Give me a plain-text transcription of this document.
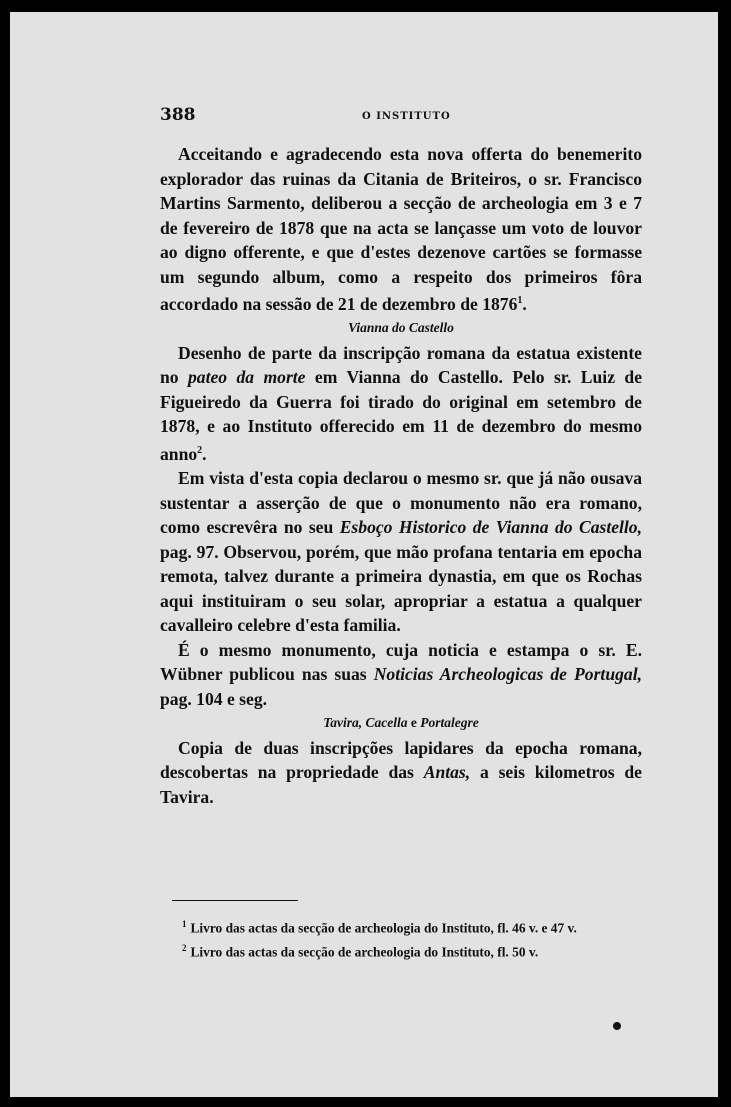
388	O INSTITUTO

Acceitando e agradecendo esta nova offerta do benemerito explorador das ruinas da Citania de Briteiros, o sr. Francisco Martins Sarmento, deliberou a secção de archeologia em 3 e 7 de fevereiro de 1878 que na acta se lançasse um voto de louvor ao digno offerente, e que d'estes dezenove cartões se formasse um segundo album, como a respeito dos primeiros fôra accordado na sessão de 21 de dezembro de 1876$^1$.

Vianna do Castello

Desenho de parte da inscripção romana da estatua existente no pateo da morte em Vianna do Castello. Pelo sr. Luiz de Figueiredo da Guerra foi tirado do original em setembro de 1878, e ao Instituto offerecido em 11 de dezembro do mesmo anno$^2$.

Em vista d'esta copia declarou o mesmo sr. que já não ousava sustentar a asserção de que o monumento não era romano, como escrevêra no seu Esboço Historico de Vianna do Castello, pag. 97. Observou, porém, que mão profana tentaria em epocha remota, talvez durante a primeira dynastia, em que os Rochas aqui instituiram o seu solar, apropriar a estatua a qualquer cavalleiro celebre d'esta familia.

É o mesmo monumento, cuja noticia e estampa o sr. E. Wübner publicou nas suas Noticias Archeologicas de Portugal, pag. 104 e seg.

Tavira, Cacella e Portalegre

Copia de duas inscripções lapidares da epocha romana, descobertas na propriedade das Antas, a seis kilometros de Tavira.

$^1$ Livro das actas da secção de archeologia do Instituto, fl. 46 v. e 47 v.
$^2$ Livro das actas da secção de archeologia do Instituto, fl. 50 v.
